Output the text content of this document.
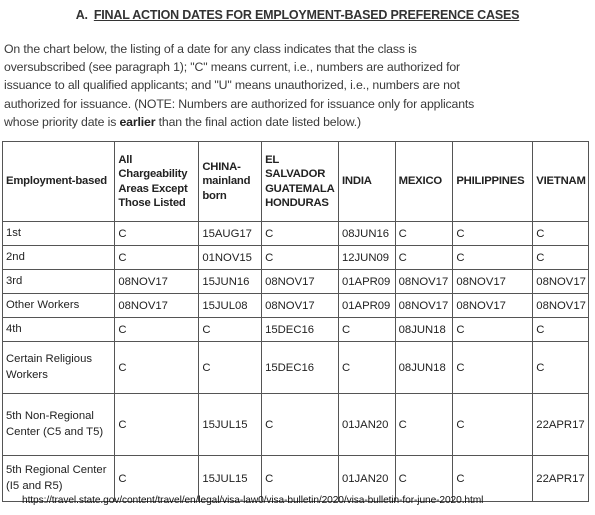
A. FINAL ACTION DATES FOR EMPLOYMENT-BASED PREFERENCE CASES
On the chart below, the listing of a date for any class indicates that the class is
oversubscribed (see paragraph 1); "C" means current, i.e., numbers are authorized for
issuance to all qualified applicants; and "U" means unauthorized, i.e., numbers are not
authorized for issuance. (NOTE: Numbers are authorized for issuance only for applicants
whose priority date is earlier than the final action date listed below.)
Employment-based	All Chargeability Areas Except Those Listed	CHINA-mainland born	EL SALVADOR GUATEMALA HONDURAS	INDIA	MEXICO	PHILIPPINES	VIETNAM
1st	C	15AUG17	C	08JUN16	C	C	C
2nd	C	01NOV15	C	12JUN09	C	C	C
3rd	08NOV17	15JUN16	08NOV17	01APR09	08NOV17	08NOV17	08NOV17
Other Workers	08NOV17	15JUL08	08NOV17	01APR09	08NOV17	08NOV17	08NOV17
4th	C	C	15DEC16	C	08JUN18	C	C
Certain Religious Workers	C	C	15DEC16	C	08JUN18	C	C
5th Non-Regional Center (C5 and T5)	C	15JUL15	C	01JAN20	C	C	22APR17
5th Regional Center (I5 and R5)	C	15JUL15	C	01JAN20	C	C	22APR17
https://travel.state.gov/content/travel/en/legal/visa-law0/visa-bulletin/2020/visa-bulletin-for-june-2020.html
